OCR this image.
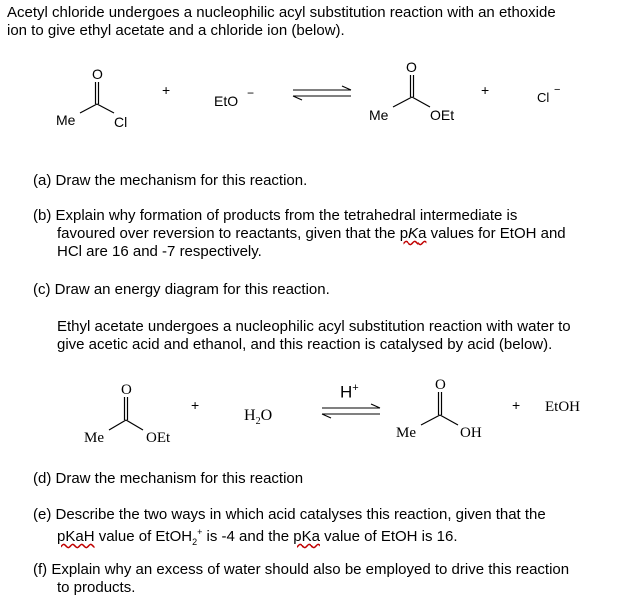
Acetyl chloride undergoes a nucleophilic acyl substitution reaction with an ethoxide

ion to give ethyl acetate and a chloride ion (below).

O
Me	Cl
+
EtO −
O
Me	OEt
+	Cl −

(a) Draw the mechanism for this reaction.

(b) Explain why formation of products from the tetrahedral intermediate is

favoured over reversion to reactants, given that the pKa values for EtOH and

HCl are 16 and -7 respectively.

(c) Draw an energy diagram for this reaction.

Ethyl acetate undergoes a nucleophilic acyl substitution reaction with water to

give acetic acid and ethanol, and this reaction is catalysed by acid (below).

O
Me	OEt
+
$H_2O$
H+	O
Me	OH
+ EtOH

(d) Draw the mechanism for this reaction

(e) Describe the two ways in which acid catalyses this reaction, given that the

pKaH value of EtOH$_2$+ is -4 and the pKa value of EtOH is 16.

(f) Explain why an excess of water should also be employed to drive this reaction

to products.
